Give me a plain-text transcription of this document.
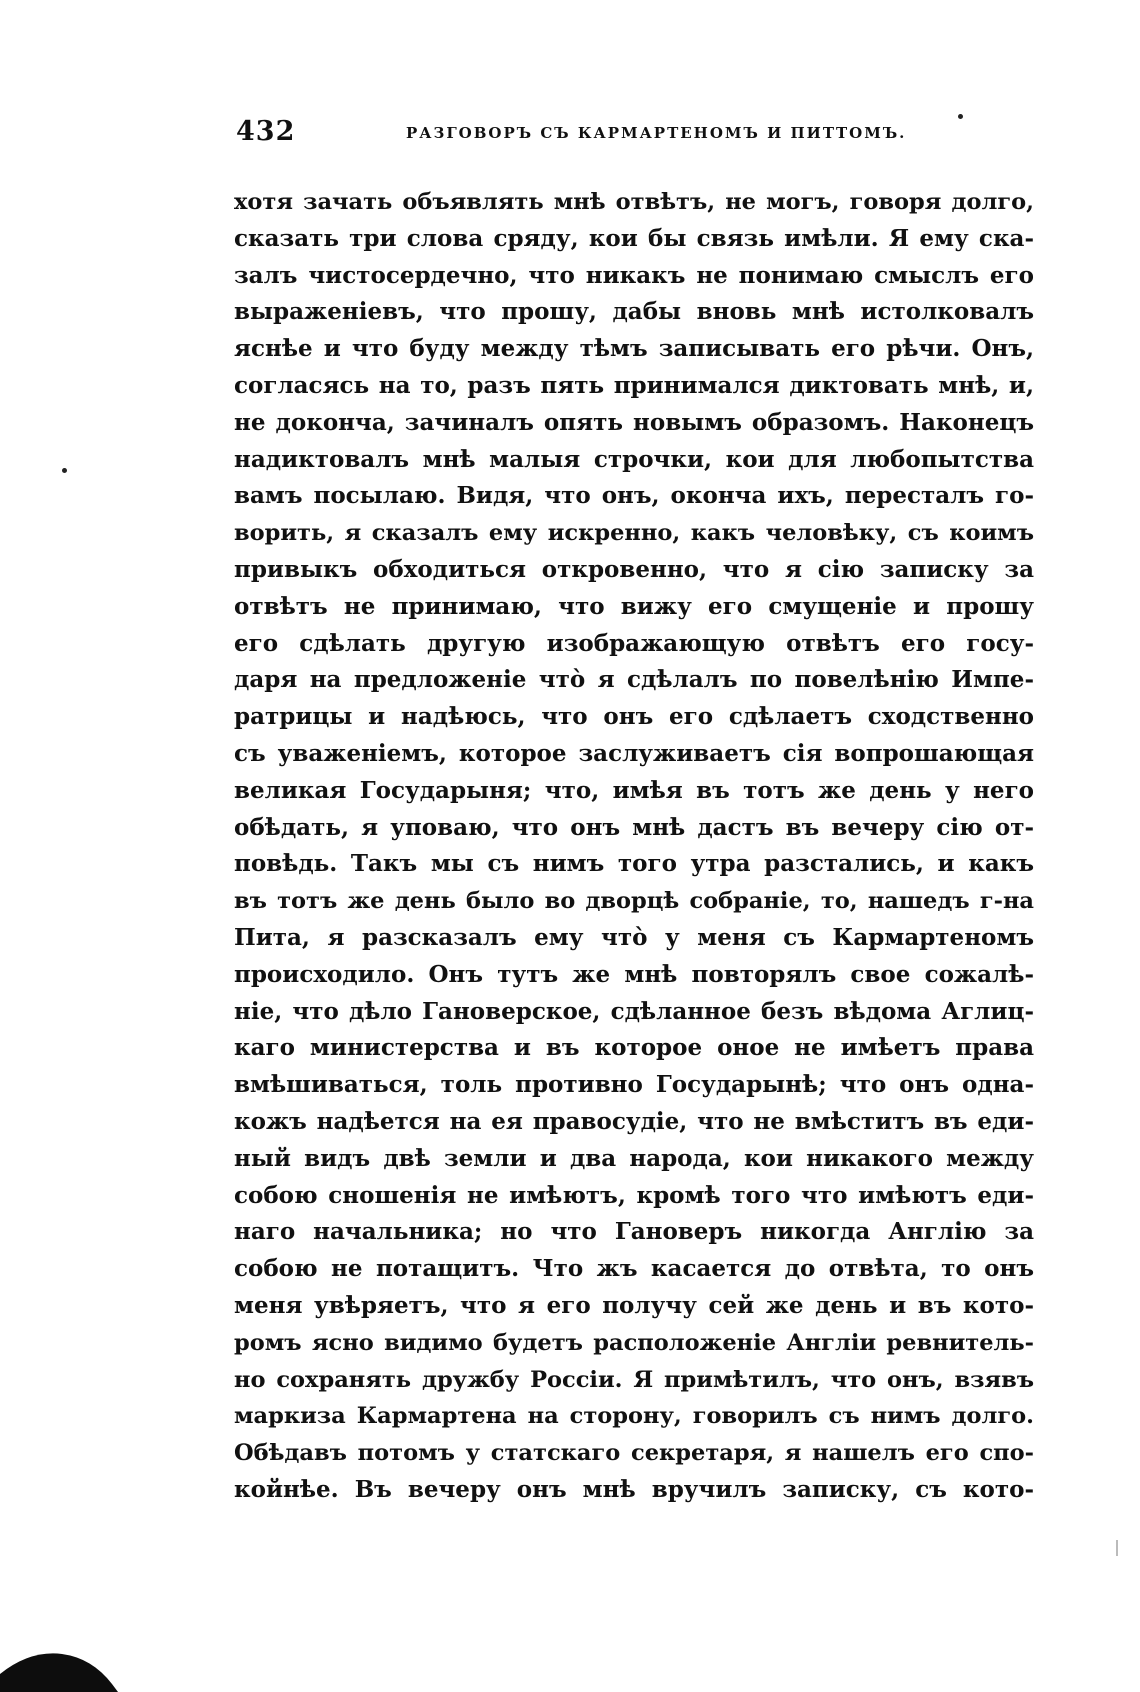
432	РАЗГОВОРЪ СЪ КАРМАРТЕНОМЪ И ПИТТОМЪ.
хотя зачать объявлять мнѣ отвѣтъ, не могъ, говоря долго,
сказать три слова сряду, кои бы связь имѣли. Я ему ска-
залъ чистосердечно, что никакъ не понимаю смыслъ его
выраженіевъ, что прошу, дабы вновь мнѣ истолковалъ
яснѣе и что буду между тѣмъ записывать его рѣчи. Онъ,
согласясь на то, разъ пять принимался диктовать мнѣ, и,
не докончa, зачиналъ опять новымъ образомъ. Наконецъ
надиктовалъ мнѣ малыя строчки, кои для любопытства
вамъ посылаю. Видя, что онъ, оконча ихъ, пересталъ го-
ворить, я сказалъ ему искренно, какъ человѣку, съ коимъ
привыкъ обходиться откровенно, что я сію записку за
отвѣтъ не принимаю, что вижу его смущеніе и прошу
его сдѣлать другую изображающую отвѣтъ его госу-
даря на предложеніе что̀ я сдѣлалъ по повелѣнію Импе-
ратрицы и надѣюсь, что онъ его сдѣлаетъ сходственно
съ уваженіемъ, которое заслуживаетъ сія вопрошающая
великая Государыня; что, имѣя въ тотъ же день у него
обѣдать, я уповаю, что онъ мнѣ дастъ въ вечеру сію от-
повѣдь. Такъ мы съ нимъ того утра разстались, и какъ
въ тотъ же день было во дворцѣ собраніе, то, нашедъ г-на
Пита, я разсказалъ ему что̀ у меня съ Кармартеномъ
происходило. Онъ тутъ же мнѣ повторялъ свое сожалѣ-
ніе, что дѣло Гановерское, сдѣланное безъ вѣдома Аглиц-
каго министерства и въ которое оное не имѣетъ права
вмѣшиваться, толь противно Государынѣ; что онъ одна-
кожъ надѣется на ея правосудіе, что не вмѣститъ въ еди-
ный видъ двѣ земли и два народа, кои никакого между
собою сношенія не имѣютъ, кромѣ того что имѣютъ еди-
наго начальника; но что Гановеръ никогда Англію за
собою не потащитъ. Что жъ касается до отвѣта, то онъ
меня увѣряетъ, что я его получу сей же день и въ кото-
ромъ ясно видимо будетъ расположеніе Англіи ревнитель-
но сохранять дружбу Россіи. Я примѣтилъ, что онъ, взявъ
маркиза Кармартена на сторону, говорилъ съ нимъ долго.
Обѣдавъ потомъ у статскаго секретаря, я нашелъ его спо-
койнѣе. Въ вечеру онъ мнѣ вручилъ записку, съ кото-
